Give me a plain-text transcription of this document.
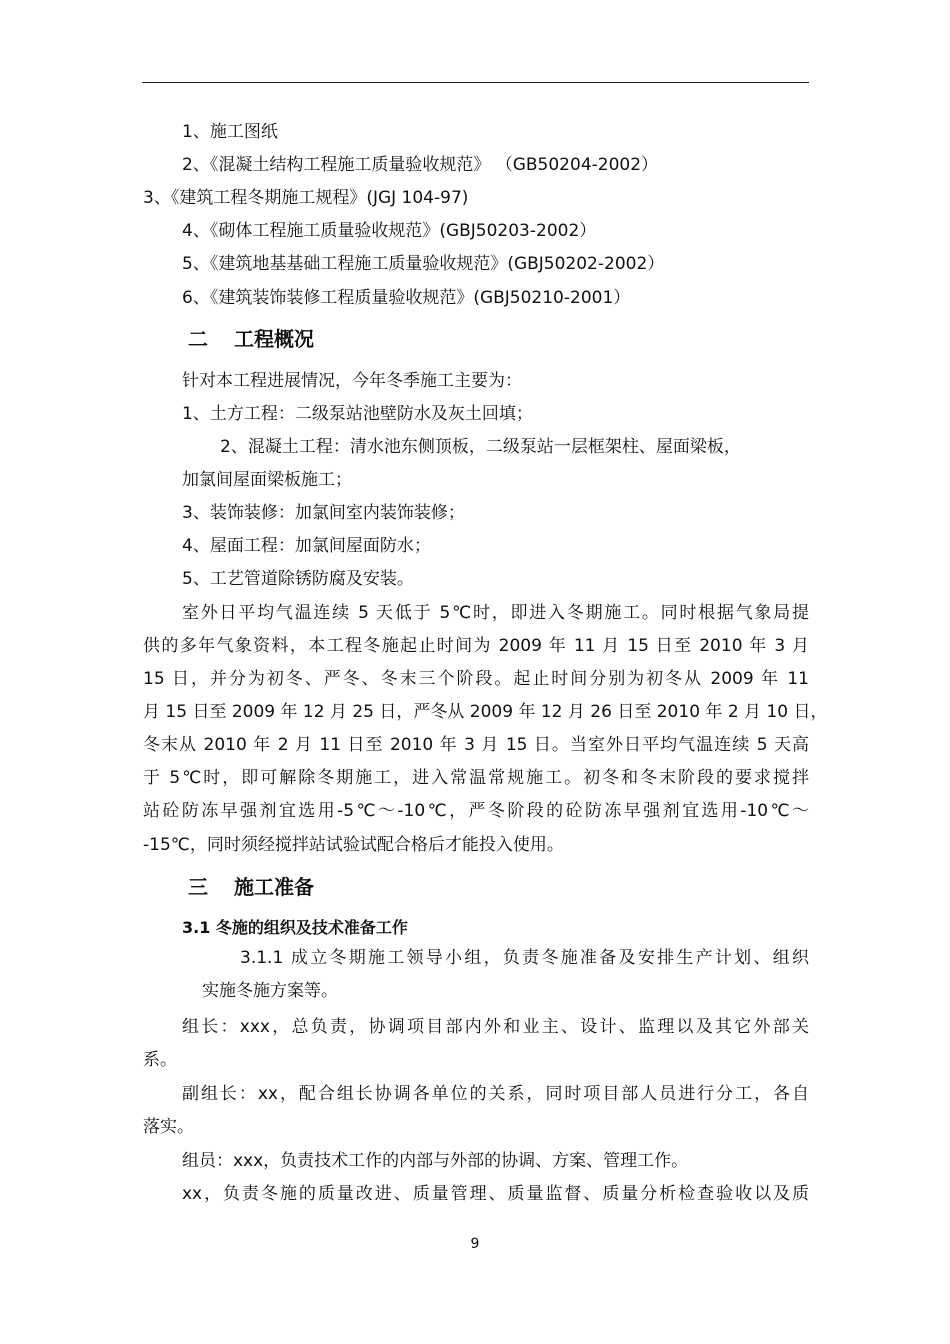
1、施工图纸
2、《混凝土结构工程施工质量验收规范》 （GB50204-2002）
3、《建筑工程冬期施工规程》(JGJ 104-97)
4、《砌体工程施工质量验收规范》(GBJ50203-2002）
5、《建筑地基基础工程施工质量验收规范》(GBJ50202-2002）
6、《建筑装饰装修工程质量验收规范》(GBJ50210-2001）
二 工程概况
针对本工程进展情况，今年冬季施工主要为：
1、土方工程：二级泵站池壁防水及灰土回填；
2、混凝土工程：清水池东侧顶板，二级泵站一层框架柱、屋面梁板，
加氯间屋面梁板施工；
3、装饰装修：加氯间室内装饰装修；
4、屋面工程：加氯间屋面防水；
5、工艺管道除锈防腐及安装。
室外日平均气温连续 5 天低于 5℃时，即进入冬期施工。同时根据气象局提
供的多年气象资料，本工程冬施起止时间为 2009 年 11 月 15 日至 2010 年 3 月
15 日，并分为初冬、严冬、冬末三个阶段。起止时间分别为初冬从 2009 年 11
月 15 日至 2009 年 12 月 25 日，严冬从 2009 年 12 月 26 日至 2010 年 2 月 10 日，
冬末从 2010 年 2 月 11 日至 2010 年 3 月 15 日。当室外日平均气温连续 5 天高
于 5℃时，即可解除冬期施工，进入常温常规施工。初冬和冬末阶段的要求搅拌
站砼防冻早强剂宜选用-5℃～-10℃，严冬阶段的砼防冻早强剂宜选用-10℃～
-15℃，同时须经搅拌站试验试配合格后才能投入使用。
三 施工准备
3.1 冬施的组织及技术准备工作
3.1.1 成立冬期施工领导小组，负责冬施准备及安排生产计划、组织
实施冬施方案等。
组长：xxx，总负责，协调项目部内外和业主、设计、监理以及其它外部关
系。
副组长：xx，配合组长协调各单位的关系，同时项目部人员进行分工，各自
落实。
组员：xxx，负责技术工作的内部与外部的协调、方案、管理工作。
xx，负责冬施的质量改进、质量管理、质量监督、质量分析检查验收以及质
9
